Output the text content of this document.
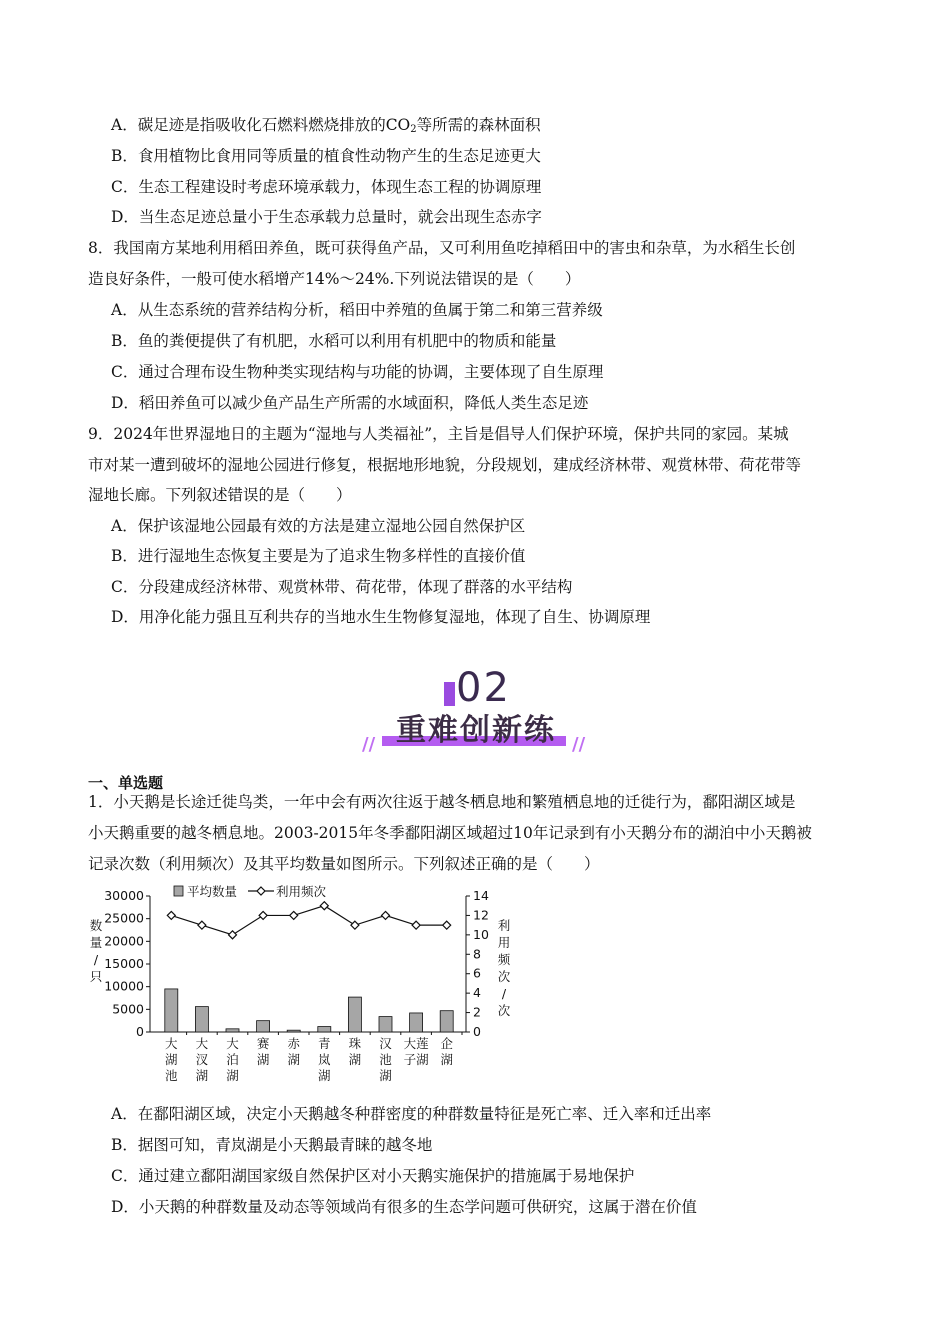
A．碳足迹是指吸收化石燃料燃烧排放的$CO_2$等所需的森林面积
B．食用植物比食用同等质量的植食性动物产生的生态足迹更大
C．生态工程建设时考虑环境承载力，体现生态工程的协调原理
D．当生态足迹总量小于生态承载力总量时，就会出现生态赤字
8．我国南方某地利用稻田养鱼，既可获得鱼产品，又可利用鱼吃掉稻田中的害虫和杂草，为水稻生长创
造良好条件，一般可使水稻增产14%～24%.下列说法错误的是（　　）
A．从生态系统的营养结构分析，稻田中养殖的鱼属于第二和第三营养级
B．鱼的粪便提供了有机肥，水稻可以利用有机肥中的物质和能量
C．通过合理布设生物种类实现结构与功能的协调，主要体现了自生原理
D．稻田养鱼可以减少鱼产品生产所需的水域面积，降低人类生态足迹
9．2024年世界湿地日的主题为“湿地与人类福祉”，主旨是倡导人们保护环境，保护共同的家园。某城
市对某一遭到破坏的湿地公园进行修复，根据地形地貌，分段规划，建成经济林带、观赏林带、荷花带等
湿地长廊。下列叙述错误的是（　　）
A．保护该湿地公园最有效的方法是建立湿地公园自然保护区
B．进行湿地生态恢复主要是为了追求生物多样性的直接价值
C．分段建成经济林带、观赏林带、荷花带，体现了群落的水平结构
D．用净化能力强且互利共存的当地水生生物修复湿地，体现了自生、协调原理
02
//	//
重难创新练
一、单选题
1．小天鹅是长途迁徙鸟类，一年中会有两次往返于越冬栖息地和繁殖栖息地的迁徙行为，鄱阳湖区域是
小天鹅重要的越冬栖息地。2003-2015年冬季鄱阳湖区域超过10年记录到有小天鹅分布的湖泊中小天鹅被
记录次数（利用频次）及其平均数量如图所示。下列叙述正确的是（　　）
0
5000
10000
15000
20000
25000
30000
0
2
4
6
8
10
12
14
数
量
/
只
利
用
频
次
/
次
大
湖
池
大
汊
湖
大
泊
湖
赛
湖
赤
湖
青
岚
湖
珠
湖
汉
池
湖
大莲
子湖
企
湖
平均数量	利用频次
A．在鄱阳湖区域，决定小天鹅越冬种群密度的种群数量特征是死亡率、迁入率和迁出率
B．据图可知，青岚湖是小天鹅最青睐的越冬地
C．通过建立鄱阳湖国家级自然保护区对小天鹅实施保护的措施属于易地保护
D．小天鹅的种群数量及动态等领域尚有很多的生态学问题可供研究，这属于潜在价值
